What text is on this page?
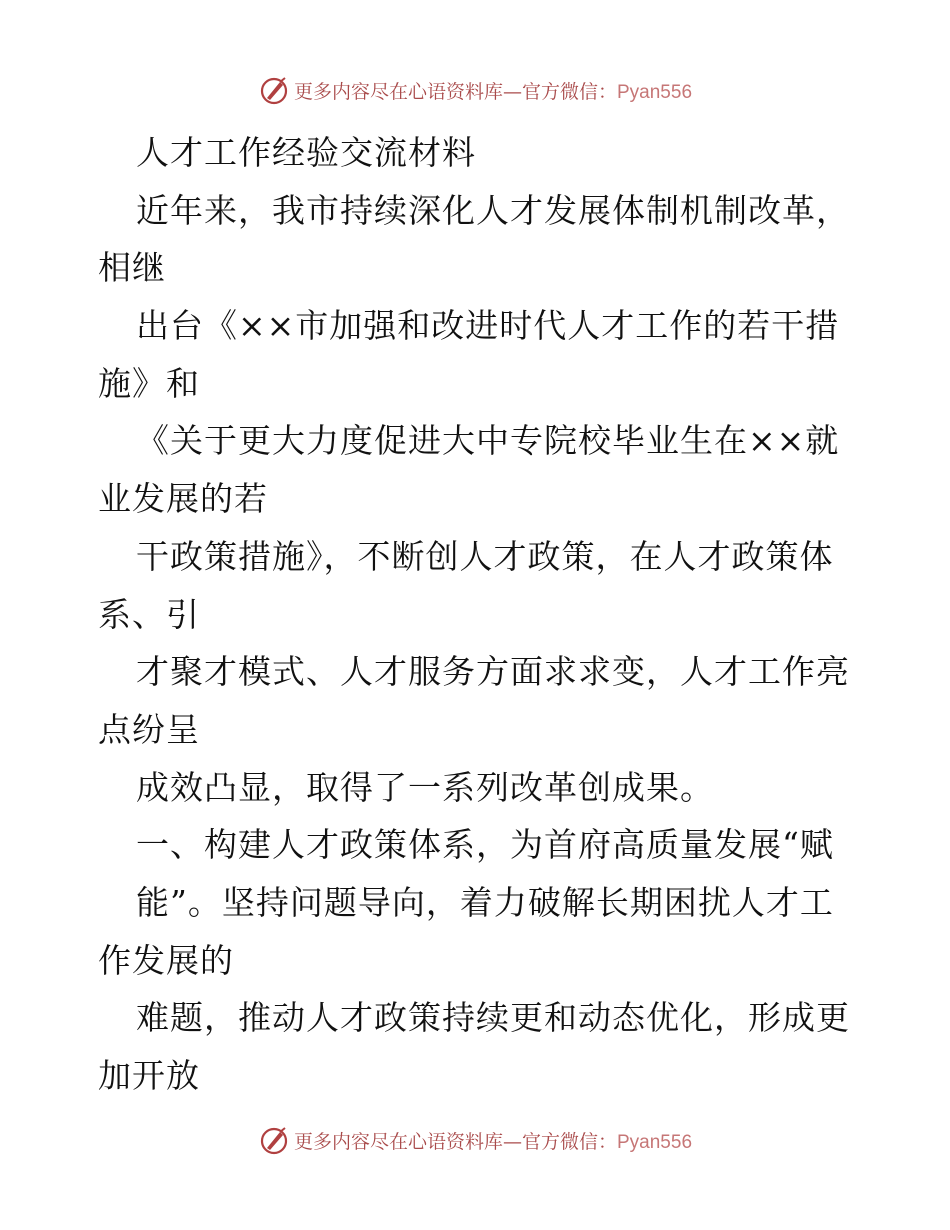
更多内容尽在心语资料库—官方微信：Pyan556
人才工作经验交流材料
近年来，我市持续深化人才发展体制机制改革，
相继
出台《××市加强和改进时代人才工作的若干措
施》和
《关于更大力度促进大中专院校毕业生在××就
业发展的若
干政策措施》，不断创人才政策，在人才政策体
系、引
才聚才模式、人才服务方面求求变，人才工作亮
点纷呈
成效凸显，取得了一系列改革创成果。
一、构建人才政策体系，为首府高质量发展“赋
能”。坚持问题导向，着力破解长期困扰人才工
作发展的
难题，推动人才政策持续更和动态优化，形成更
加开放
更多内容尽在心语资料库—官方微信：Pyan556
